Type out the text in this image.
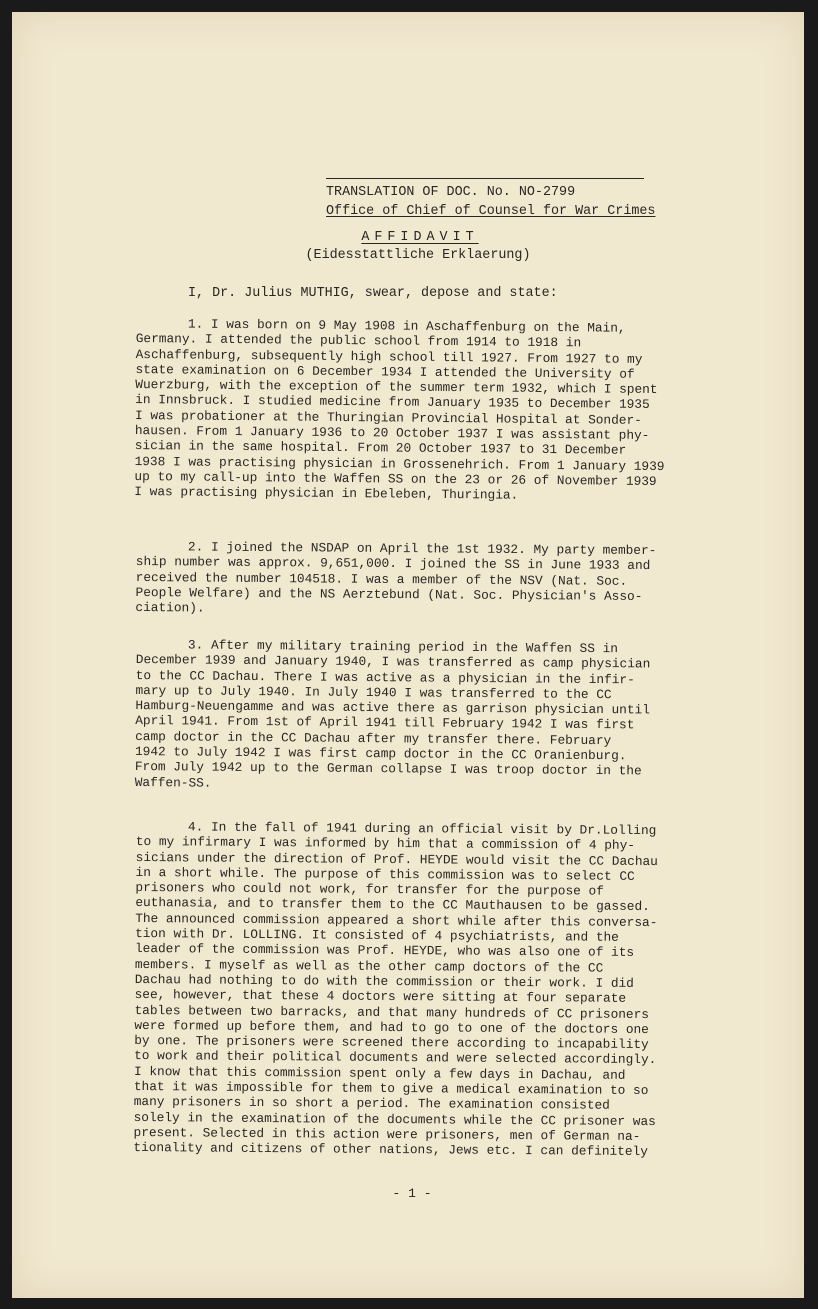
TRANSLATION OF DOC. No. NO-2799
Office of Chief of Counsel for War Crimes
AFFIDAVIT
(Eidesstattliche Erklaerung)
I, Dr. Julius MUTHIG, swear, depose and state:
1. I was born on 9 May 1908 in Aschaffenburg on the Main,
Germany. I attended the public school from 1914 to 1918 in
Aschaffenburg, subsequently high school till 1927. From 1927 to my
state examination on 6 December 1934 I attended the University of
Wuerzburg, with the exception of the summer term 1932, which I spent
in Innsbruck. I studied medicine from January 1935 to December 1935
I was probationer at the Thuringian Provincial Hospital at Sonder-
hausen. From 1 January 1936 to 20 October 1937 I was assistant phy-
sician in the same hospital. From 20 October 1937 to 31 December
1938 I was practising physician in Grossenehrich. From 1 January 1939
up to my call-up into the Waffen SS on the 23 or 26 of November 1939
I was practising physician in Ebeleben, Thuringia.
2. I joined the NSDAP on April the 1st 1932. My party member-
ship number was approx. 9,651,000. I joined the SS in June 1933 and
received the number 104518. I was a member of the NSV (Nat. Soc.
People Welfare) and the NS Aerztebund (Nat. Soc. Physician's Asso-
ciation).
3. After my military training period in the Waffen SS in
December 1939 and January 1940, I was transferred as camp physician
to the CC Dachau. There I was active as a physician in the infir-
mary up to July 1940. In July 1940 I was transferred to the CC
Hamburg-Neuengamme and was active there as garrison physician until
April 1941. From 1st of April 1941 till February 1942 I was first
camp doctor in the CC Dachau after my transfer there. February
1942 to July 1942 I was first camp doctor in the CC Oranienburg.
From July 1942 up to the German collapse I was troop doctor in the
Waffen-SS.
4. In the fall of 1941 during an official visit by Dr.Lolling
to my infirmary I was informed by him that a commission of 4 phy-
sicians under the direction of Prof. HEYDE would visit the CC Dachau
in a short while. The purpose of this commission was to select CC
prisoners who could not work, for transfer for the purpose of
euthanasia, and to transfer them to the CC Mauthausen to be gassed.
The announced commission appeared a short while after this conversa-
tion with Dr. LOLLING. It consisted of 4 psychiatrists, and the
leader of the commission was Prof. HEYDE, who was also one of its
members. I myself as well as the other camp doctors of the CC
Dachau had nothing to do with the commission or their work. I did
see, however, that these 4 doctors were sitting at four separate
tables between two barracks, and that many hundreds of CC prisoners
were formed up before them, and had to go to one of the doctors one
by one. The prisoners were screened there according to incapability
to work and their political documents and were selected accordingly.
I know that this commission spent only a few days in Dachau, and
that it was impossible for them to give a medical examination to so
many prisoners in so short a period. The examination consisted
solely in the examination of the documents while the CC prisoner was
present. Selected in this action were prisoners, men of German na-
tionality and citizens of other nations, Jews etc. I can definitely
- 1 -
